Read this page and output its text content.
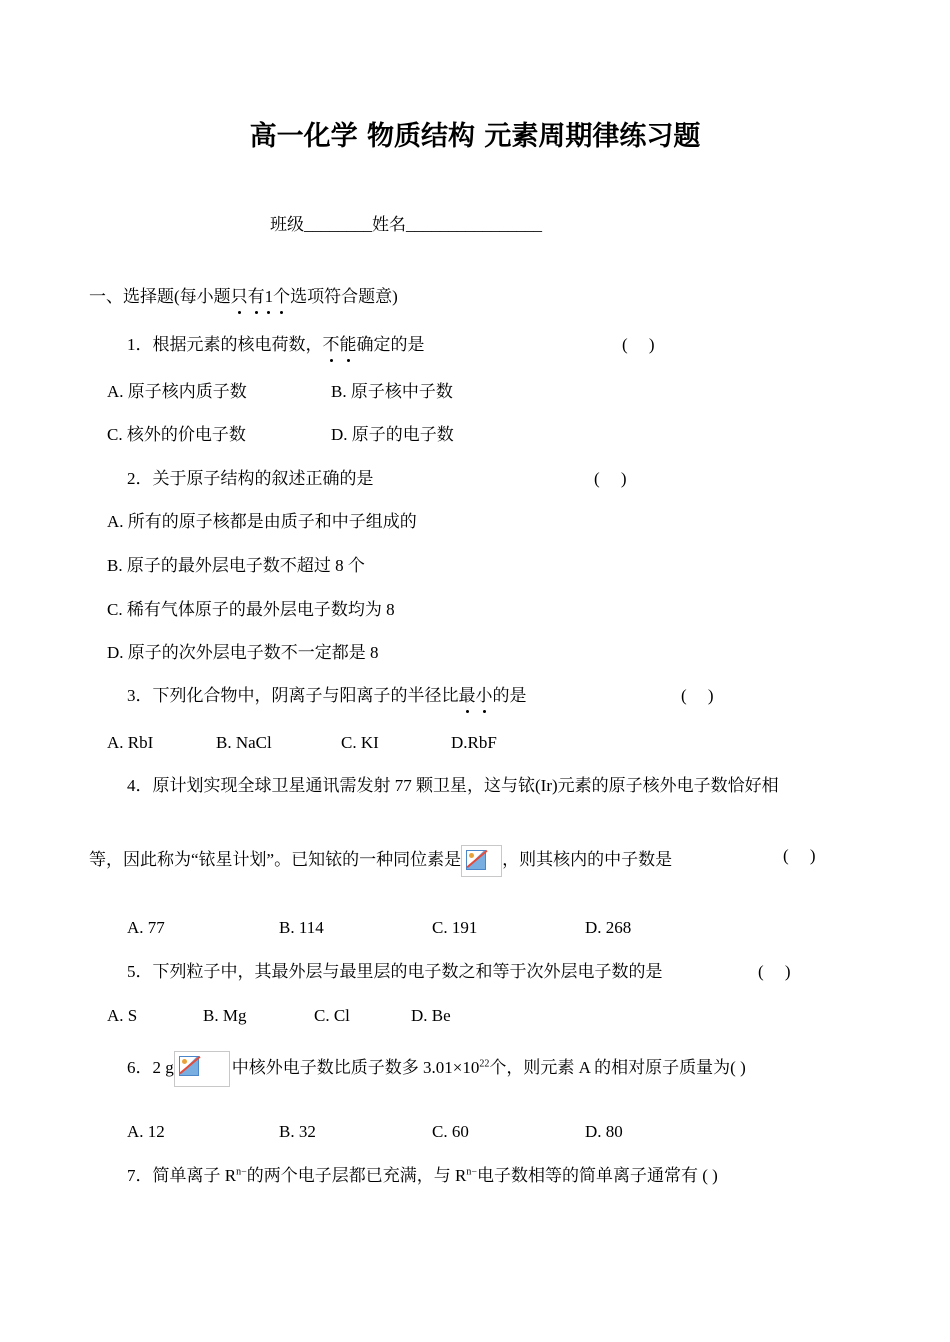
高一化学 物质结构 元素周期律练习题
班级________姓名________________
一、选择题(每小题只有1个选项符合题意)
1．根据元素的核电荷数，不能确定的是	(     )
A. 原子核内质子数	B. 原子核中子数
C. 核外的价电子数	D. 原子的电子数
2．关于原子结构的叙述正确的是	(     )
A. 所有的原子核都是由质子和中子组成的
B. 原子的最外层电子数不超过 8 个
C. 稀有气体原子的最外层电子数均为 8
D. 原子的次外层电子数不一定都是 8
3．下列化合物中，阴离子与阳离子的半径比最小的是	(     )
A. RbI	B. NaCl	C. KI	D.RbF
4．原计划实现全球卫星通讯需发射 77 颗卫星，这与铱(Ir)元素的原子核外电子数恰好相
等，因此称为“铱星计划”。已知铱的一种同位素是 ，则其核内的中子数是	(     )
A. 77	B. 114	C. 191	D. 268
5．下列粒子中，其最外层与最里层的电子数之和等于次外层电子数的是	(     )
A. S	B. Mg	C. Cl	D. Be
6．2 g	中核外电子数比质子数多 $3.01\times 10^{22}$个，则元素 A 的相对原子质量为( )
A. 12	B. 32	C. 60	D. 80
7．简单离子 $R^{n-}$的两个电子层都已充满，与 $R^{n-}$电子数相等的简单离子通常有 ( )
